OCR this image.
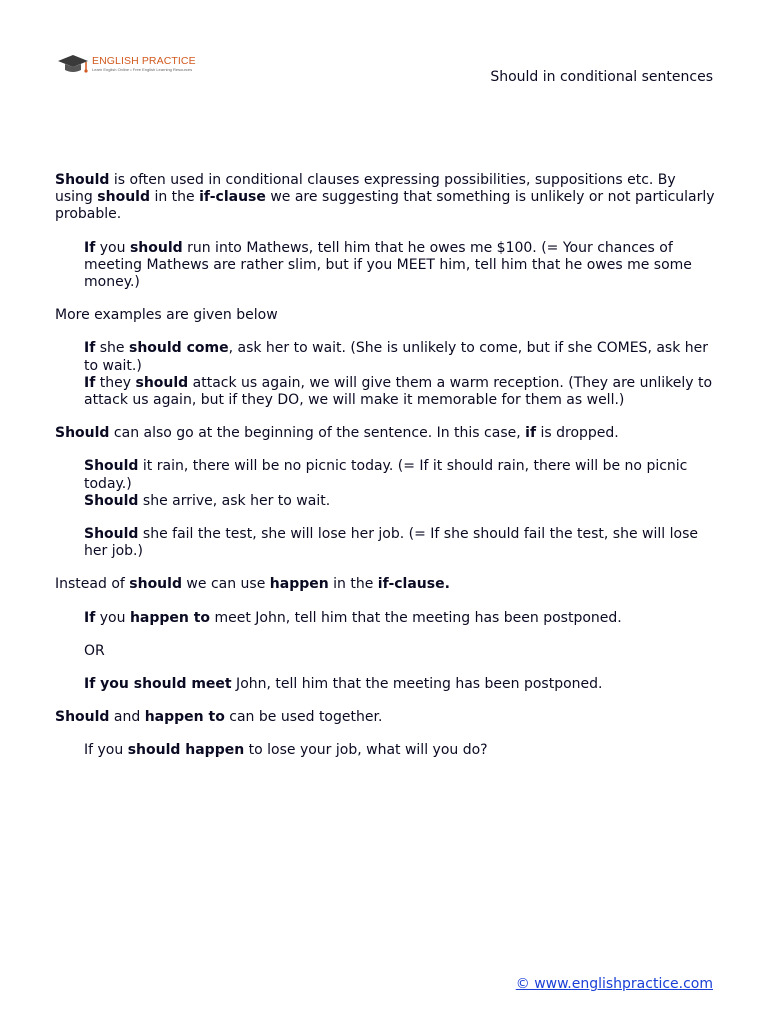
ENGLISH PRACTICE
Learn English Online • Free English Learning Resources	Should in conditional sentences

Should is often used in conditional clauses expressing possibilities, suppositions etc. By using should in the if-clause we are suggesting that something is unlikely or not particularly probable.

If you should run into Mathews, tell him that he owes me $100. (= Your chances of meeting Mathews are rather slim, but if you MEET him, tell him that he owes me some money.)

More examples are given below

If she should come, ask her to wait. (She is unlikely to come, but if she COMES, ask her to wait.)

If they should attack us again, we will give them a warm reception. (They are unlikely to attack us again, but if they DO, we will make it memorable for them as well.)

Should can also go at the beginning of the sentence. In this case, if is dropped.

Should it rain, there will be no picnic today. (= If it should rain, there will be no picnic today.)

Should she arrive, ask her to wait.

Should she fail the test, she will lose her job. (= If she should fail the test, she will lose her job.)

Instead of should we can use happen in the if-clause.

If you happen to meet John, tell him that the meeting has been postponed.

OR

If you should meet John, tell him that the meeting has been postponed.

Should and happen to can be used together.

If you should happen to lose your job, what will you do?

© www.englishpractice.com
